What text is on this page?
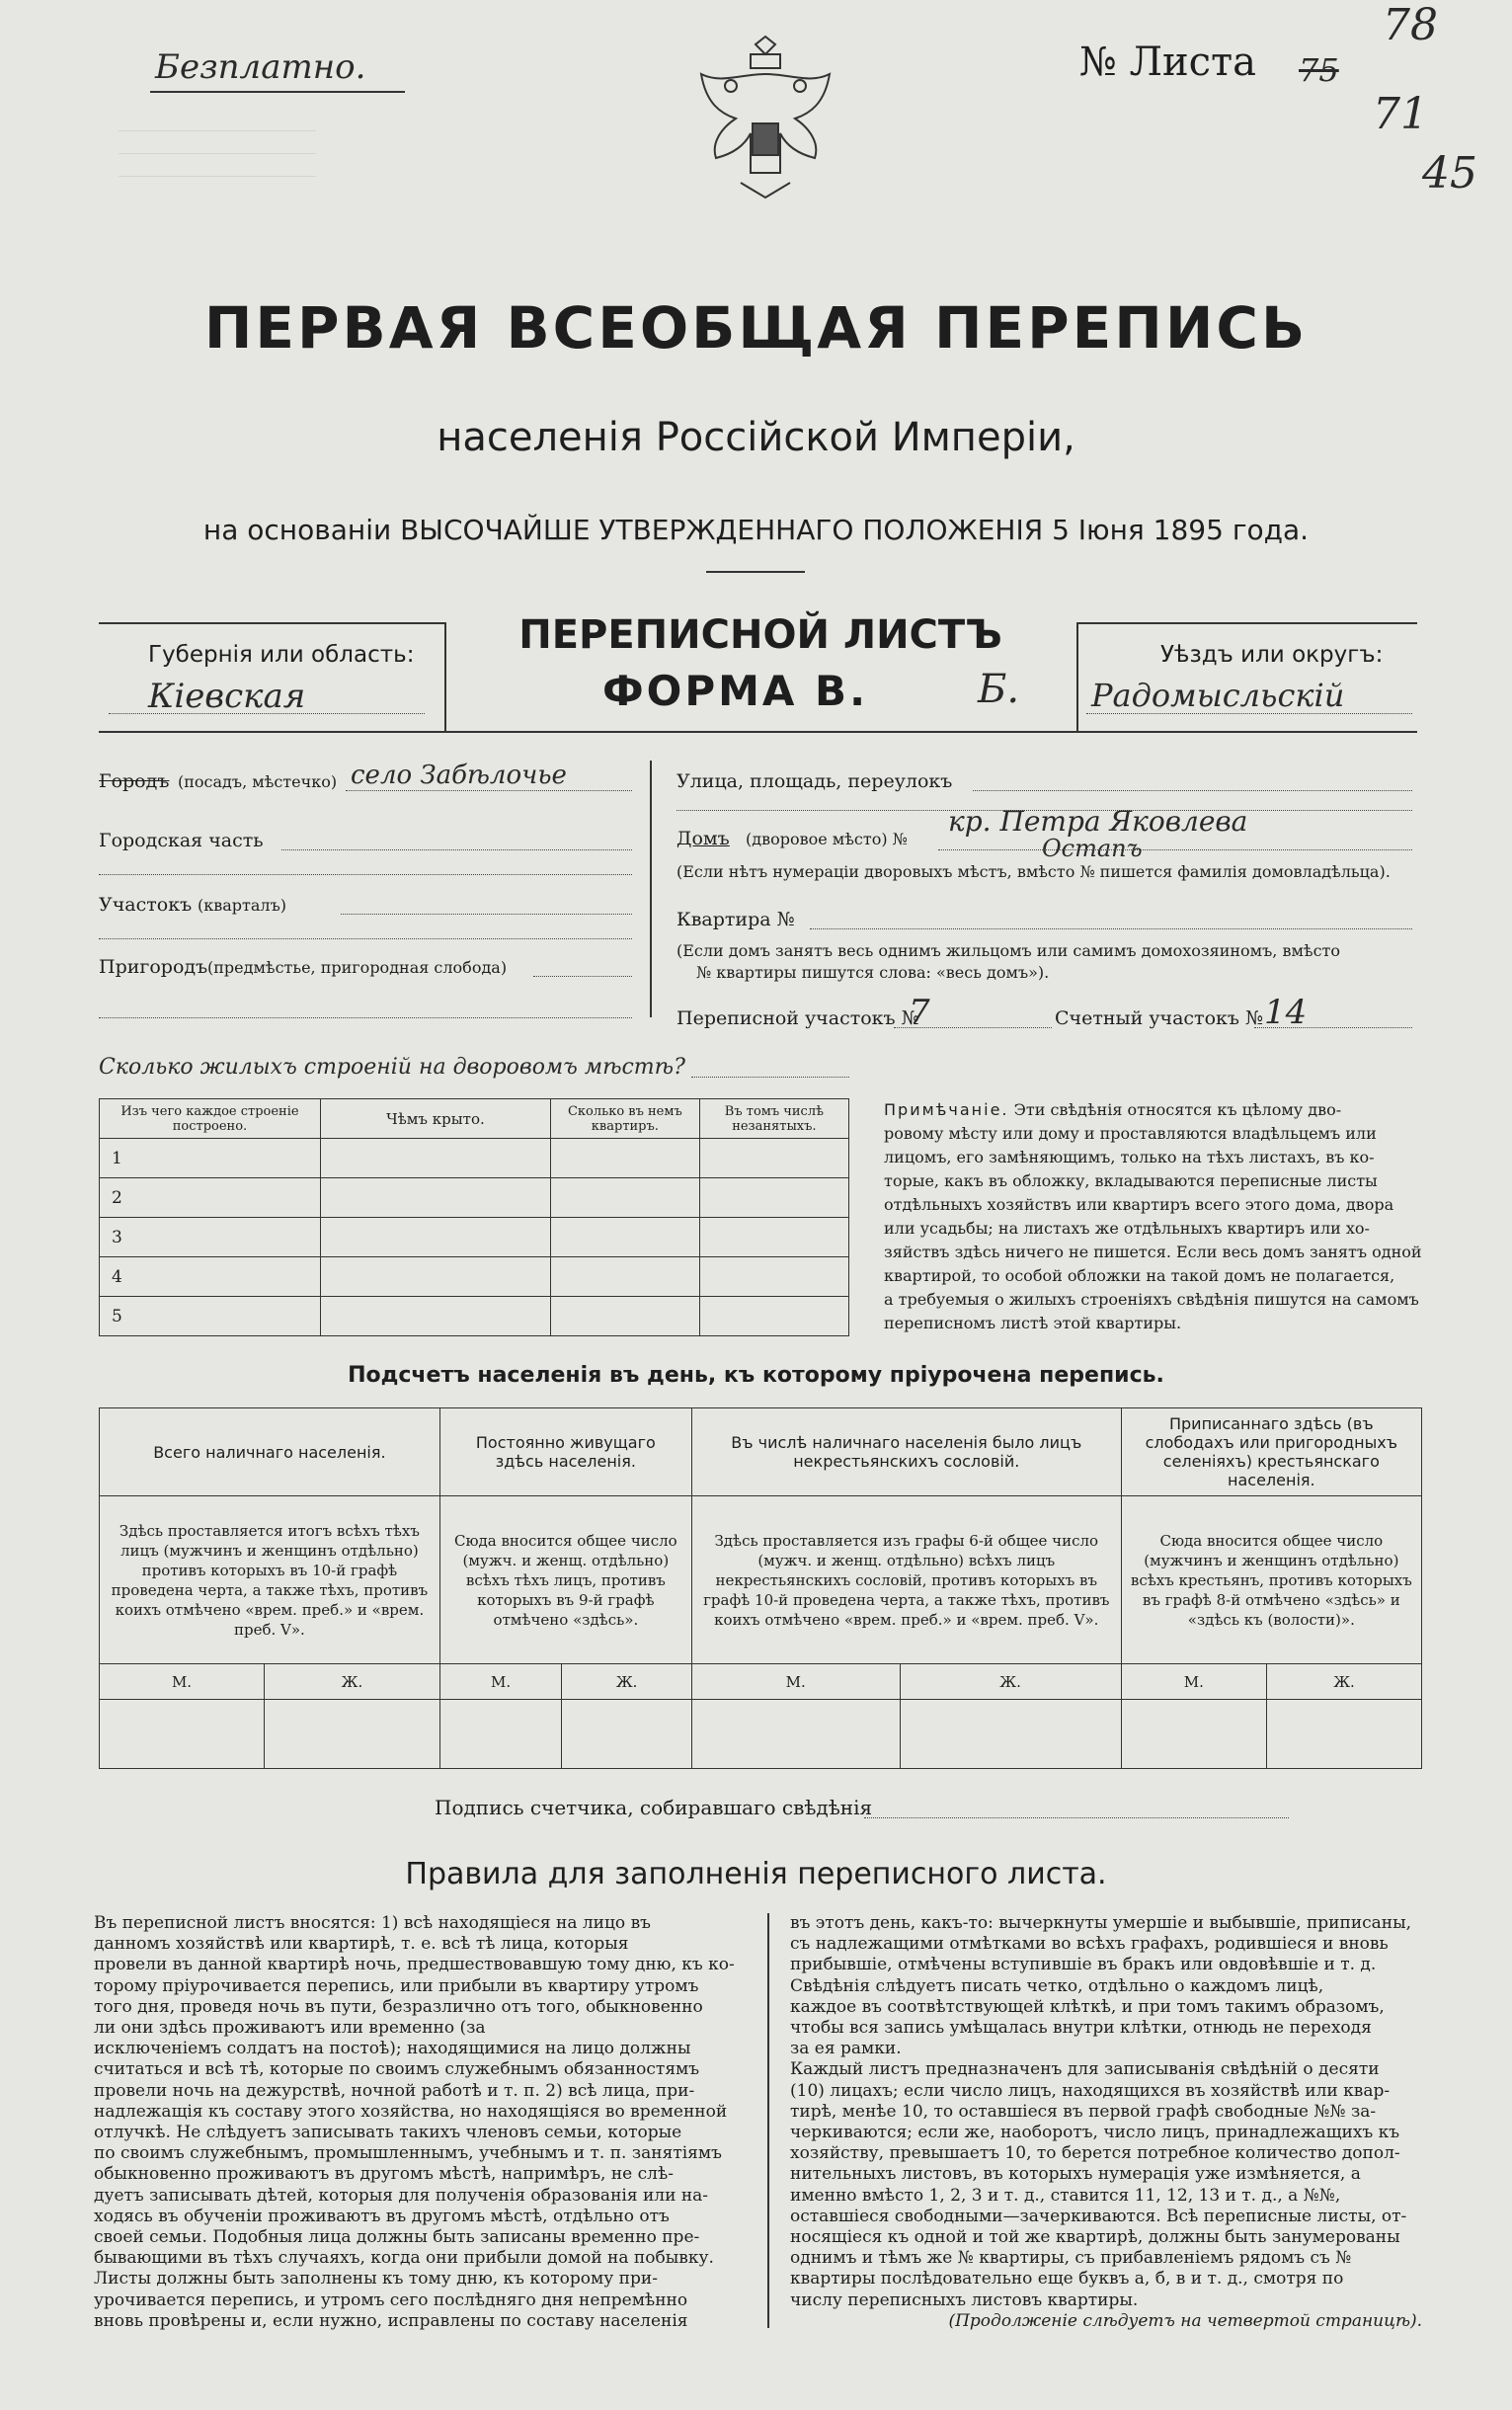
Безплатно.	№ Листа 75
78
71
45
ПЕРВАЯ ВСЕОБЩАЯ ПЕРЕПИСЬ
населенія Россійской Имперіи,
на основаніи ВЫСОЧАЙШЕ УТВЕРЖДЕННАГО ПОЛОЖЕНІЯ 5 Іюня 1895 года.
Губернія или область:
Кіевская
ПЕРЕПИСНОЙ ЛИСТЪ
ФОРМА В.	Б.
Уѣздъ или округъ:
Радомысльскій
Городъ (посадъ, мѣстечко) село Забѣлочье
Городская часть
Участокъ (кварталъ)
Пригородъ (предмѣстье, пригородная слобода)
Улица, площадь, переулокъ
Домъ (дворовое мѣсто) №
кр. Петра Яковлева
Остапъ
(Если нѣтъ нумераціи дворовыхъ мѣстъ, вмѣсто № пишется фамилія домовладѣльца).
Квартира №
(Если домъ занятъ весь однимъ жильцомъ или самимъ домохозяиномъ, вмѣсто
№ квартиры пишутся слова: «весь домъ»).
Переписной участокъ №
7	Счетный участокъ № 14
Сколько жилыхъ строеній на дворовомъ мѣстѣ?
Изъ чего каждое строеніе построено.	Чѣмъ крыто.	Сколько въ немъ квартиръ.	Въ томъ числѣ незанятыхъ.
1			
2			
3			
4			
5			
Примѣчаніе. Эти свѣдѣнія относятся къ цѣлому дво-
ровому мѣсту или дому и проставляются владѣльцемъ или
лицомъ, его замѣняющимъ, только на тѣхъ листахъ, въ ко-
торые, какъ въ обложку, вкладываются переписные листы
отдѣльныхъ хозяйствъ или квартиръ всего этого дома, двора
или усадьбы; на листахъ же отдѣльныхъ квартиръ или хо-
зяйствъ здѣсь ничего не пишется. Если весь домъ занятъ одной
квартирой, то особой обложки на такой домъ не полагается,
а требуемыя о жилыхъ строеніяхъ свѣдѣнія пишутся на самомъ
переписномъ листѣ этой квартиры.
Подсчетъ населенія въ день, къ которому пріурочена перепись.
Всего наличнаго населенія.		Постоянно живущаго здѣсь населенія.		Въ числѣ наличнаго населенія было лицъ некрестьянскихъ сословій.		Приписаннаго здѣсь (въ слободахъ или пригородныхъ селеніяхъ) крестьянскаго населенія.	
Здѣсь проставляется итогъ всѣхъ тѣхъ лицъ (мужчинъ и женщинъ отдѣльно) противъ которыхъ въ 10-й графѣ проведена черта, а также тѣхъ, противъ коихъ отмѣчено «врем. преб.» и «врем. преб. V».		Сюда вносится общее число (мужч. и женщ. отдѣльно) всѣхъ тѣхъ лицъ, противъ которыхъ въ 9-й графѣ отмѣчено «здѣсь».		Здѣсь проставляется изъ графы 6-й общее число (мужч. и женщ. отдѣльно) всѣхъ лицъ некрестьянскихъ сословій, противъ которыхъ въ графѣ 10-й проведена черта, а также тѣхъ, противъ коихъ отмѣчено «врем. преб.» и «врем. преб. V».		Сюда вносится общее число (мужчинъ и женщинъ отдѣльно) всѣхъ крестьянъ, противъ которыхъ въ графѣ 8-й отмѣчено «здѣсь» и «здѣсь къ (волости)».	
М.	Ж.	М.	Ж.	М.	Ж.	М.	Ж.

Подпись счетчика, собиравшаго свѣдѣнія
Правила для заполненія переписного листа.
Въ переписной листъ вносятся: 1) всѣ находящіеся на лицо въ
данномъ хозяйствѣ или квартирѣ, т. е. всѣ тѣ лица, которыя
провели въ данной квартирѣ ночь, предшествовавшую тому дню, къ ко-
торому пріурочивается перепись, или прибыли въ квартиру утромъ
того дня, проведя ночь въ пути, безразлично отъ того, обыкновенно
ли они здѣсь проживаютъ или временно (за
исключеніемъ солдатъ на постоѣ); находящимися на лицо должны
считаться и всѣ тѣ, которые по своимъ служебнымъ обязанностямъ
провели ночь на дежурствѣ, ночной работѣ и т. п. 2) всѣ лица, при-
надлежащія къ составу этого хозяйства, но находящіяся во временной
отлучкѣ. Не слѣдуетъ записывать такихъ членовъ семьи, которые
по своимъ служебнымъ, промышленнымъ, учебнымъ и т. п. занятіямъ
обыкновенно проживаютъ въ другомъ мѣстѣ, напримѣръ, не слѣ-
дуетъ записывать дѣтей, которыя для полученія образованія или на-
ходясь въ обученіи проживаютъ въ другомъ мѣстѣ, отдѣльно отъ
своей семьи. Подобныя лица должны быть записаны временно пре-
бывающими въ тѣхъ случаяхъ, когда они прибыли домой на побывку.
Листы должны быть заполнены къ тому дню, къ которому при-
урочивается перепись, и утромъ сего послѣдняго дня непремѣнно
вновь провѣрены и, если нужно, исправлены по составу населенія
въ этотъ день, какъ-то: вычеркнуты умершіе и выбывшіе, приписаны,
съ надлежащими отмѣтками во всѣхъ графахъ, родившіеся и вновь
прибывшіе, отмѣчены вступившіе въ бракъ или овдовѣвшіе и т. д.
Свѣдѣнія слѣдуетъ писать четко, отдѣльно о каждомъ лицѣ,
каждое въ соотвѣтствующей клѣткѣ, и при томъ такимъ образомъ,
чтобы вся запись умѣщалась внутри клѣтки, отнюдь не переходя
за ея рамки.
Каждый листъ предназначенъ для записыванія свѣдѣній о десяти
(10) лицахъ; если число лицъ, находящихся въ хозяйствѣ или квар-
тирѣ, менѣе 10, то оставшіеся въ первой графѣ свободные №№ за-
черкиваются; если же, наоборотъ, число лицъ, принадлежащихъ къ
хозяйству, превышаетъ 10, то берется потребное количество допол-
нительныхъ листовъ, въ которыхъ нумерація уже измѣняется, а
именно вмѣсто 1, 2, 3 и т. д., ставится 11, 12, 13 и т. д., а №№,
оставшіеся свободными—зачеркиваются. Всѣ переписные листы, от-
носящіеся къ одной и той же квартирѣ, должны быть занумерованы
однимъ и тѣмъ же № квартиры, съ прибавленіемъ рядомъ съ №
квартиры послѣдовательно еще буквъ а, б, в и т. д., смотря по
числу переписныхъ листовъ квартиры.
(Продолженіе слѣдуетъ на четвертой страницѣ).
